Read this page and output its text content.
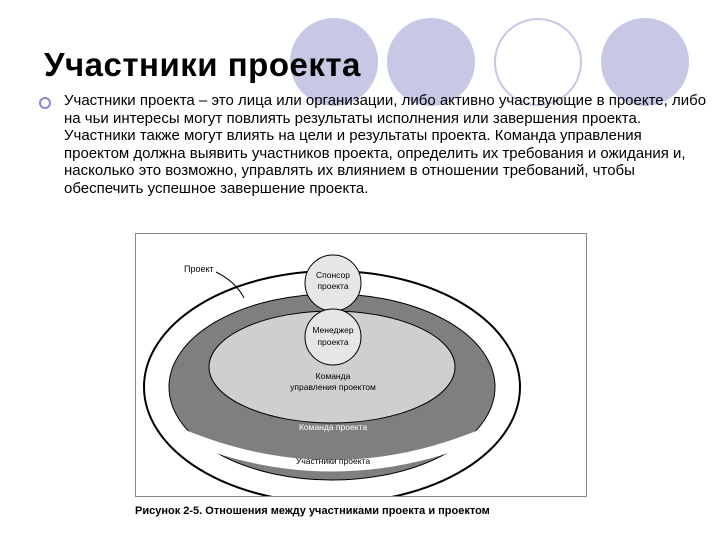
Участники проекта
Участники проекта – это лица или организации, либо активно участвующие в проекте, либо на чьи интересы могут повлиять результаты исполнения или завершения проекта. Участники также могут влиять на цели и результаты проекта. Команда управления проектом должна выявить участников проекта, определить их требования и ожидания и, насколько это возможно, управлять их влиянием в отношении требований, чтобы обеспечить успешное завершение проекта.
Проект
Спонсор
проекта
Менеджер
проекта
Команда
управления проектом
Команда проекта
Участники проекта
Рисунок 2-5. Отношения между участниками проекта и проектом
